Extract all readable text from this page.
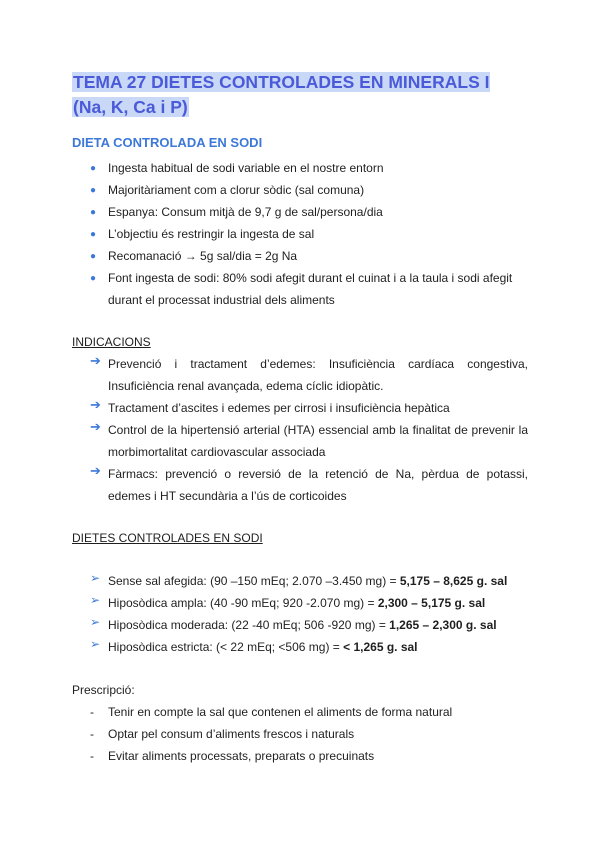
TEMA 27 DIETES CONTROLADES EN MINERALS I
(Na, K, Ca i P)
DIETA CONTROLADA EN SODI
● Ingesta habitual de sodi variable en el nostre entorn
● Majoritàriament com a clorur sòdic (sal comuna)
● Espanya: Consum mitjà de 9,7 g de sal/persona/dia
● L’objectiu és restringir la ingesta de sal
● Recomanació → 5g sal/dia = 2g Na
● Font ingesta de sodi: 80% sodi afegit durant el cuinat i a la taula i sodi afegit
durant el processat industrial dels aliments
INDICACIONS
➔ Prevenció i tractament d’edemes: Insuficiència cardíaca congestiva,
Insuficiència renal avançada, edema cíclic idiopàtic.
➔ Tractament d’ascites i edemes per cirrosi i insuficiència hepàtica
➔ Control de la hipertensió arterial (HTA) essencial amb la finalitat de prevenir la
morbimortalitat cardiovascular associada
➔ Fàrmacs: prevenció o reversió de la retenció de Na, pèrdua de potassi,
edemes i HT secundària a l’ús de corticoides
DIETES CONTROLADES EN SODI
➢ Sense sal afegida: (90 –150 mEq; 2.070 –3.450 mg) = 5,175 – 8,625 g. sal
➢ Hiposòdica ampla: (40 -90 mEq; 920 -2.070 mg) = 2,300 – 5,175 g. sal
➢ Hiposòdica moderada: (22 -40 mEq; 506 -920 mg) = 1,265 – 2,300 g. sal
➢ Hiposòdica estricta: (< 22 mEq; <506 mg) = < 1,265 g. sal
Prescripció:
- Tenir en compte la sal que contenen el aliments de forma natural
- Optar pel consum d’aliments frescos i naturals
- Evitar aliments processats, preparats o precuinats
